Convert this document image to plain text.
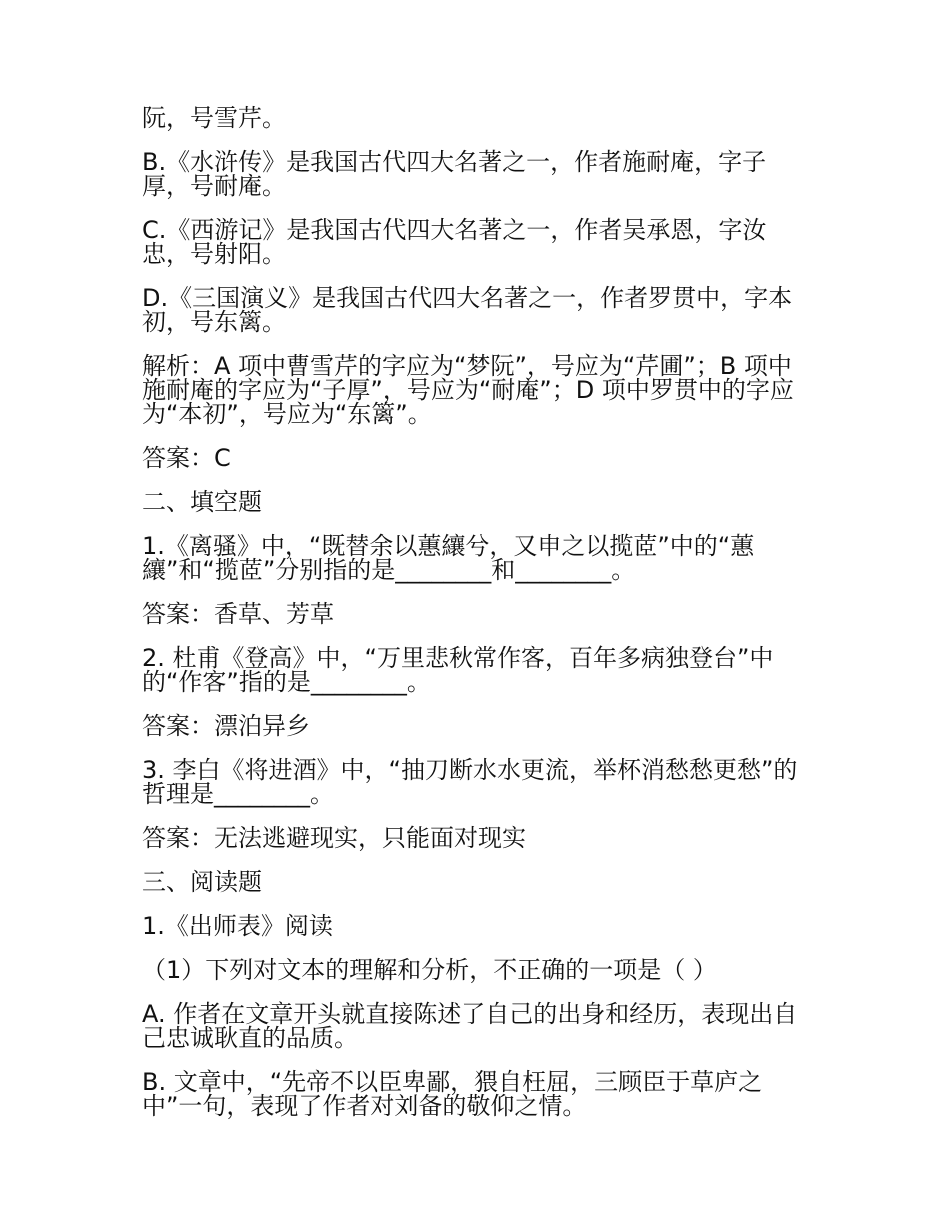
阮，号雪芹。

B.《水浒传》是我国古代四大名著之一，作者施耐庵，字子厚，号耐庵。

C.《西游记》是我国古代四大名著之一，作者吴承恩，字汝忠，号射阳。

D.《三国演义》是我国古代四大名著之一，作者罗贯中，字本初，号东篱。

解析：A 项中曹雪芹的字应为“梦阮”，号应为“芹圃”；B 项中施耐庵的字应为“子厚”，号应为“耐庵”；D 项中罗贯中的字应为“本初”，号应为“东篱”。

答案：C

二、填空题

1.《离骚》中，“既替余以蕙纕兮，又申之以揽茝”中的“蕙纕”和“揽茝”分别指的是________和________。

答案：香草、芳草

2. 杜甫《登高》中，“万里悲秋常作客，百年多病独登台”中的“作客”指的是________。

答案：漂泊异乡

3. 李白《将进酒》中，“抽刀断水水更流，举杯消愁愁更愁”的哲理是________。

答案：无法逃避现实，只能面对现实

三、阅读题

1.《出师表》阅读

（1）下列对文本的理解和分析，不正确的一项是（ ）

A. 作者在文章开头就直接陈述了自己的出身和经历，表现出自己忠诚耿直的品质。

B. 文章中，“先帝不以臣卑鄙，猥自枉屈，三顾臣于草庐之中”一句，表现了作者对刘备的敬仰之情。
